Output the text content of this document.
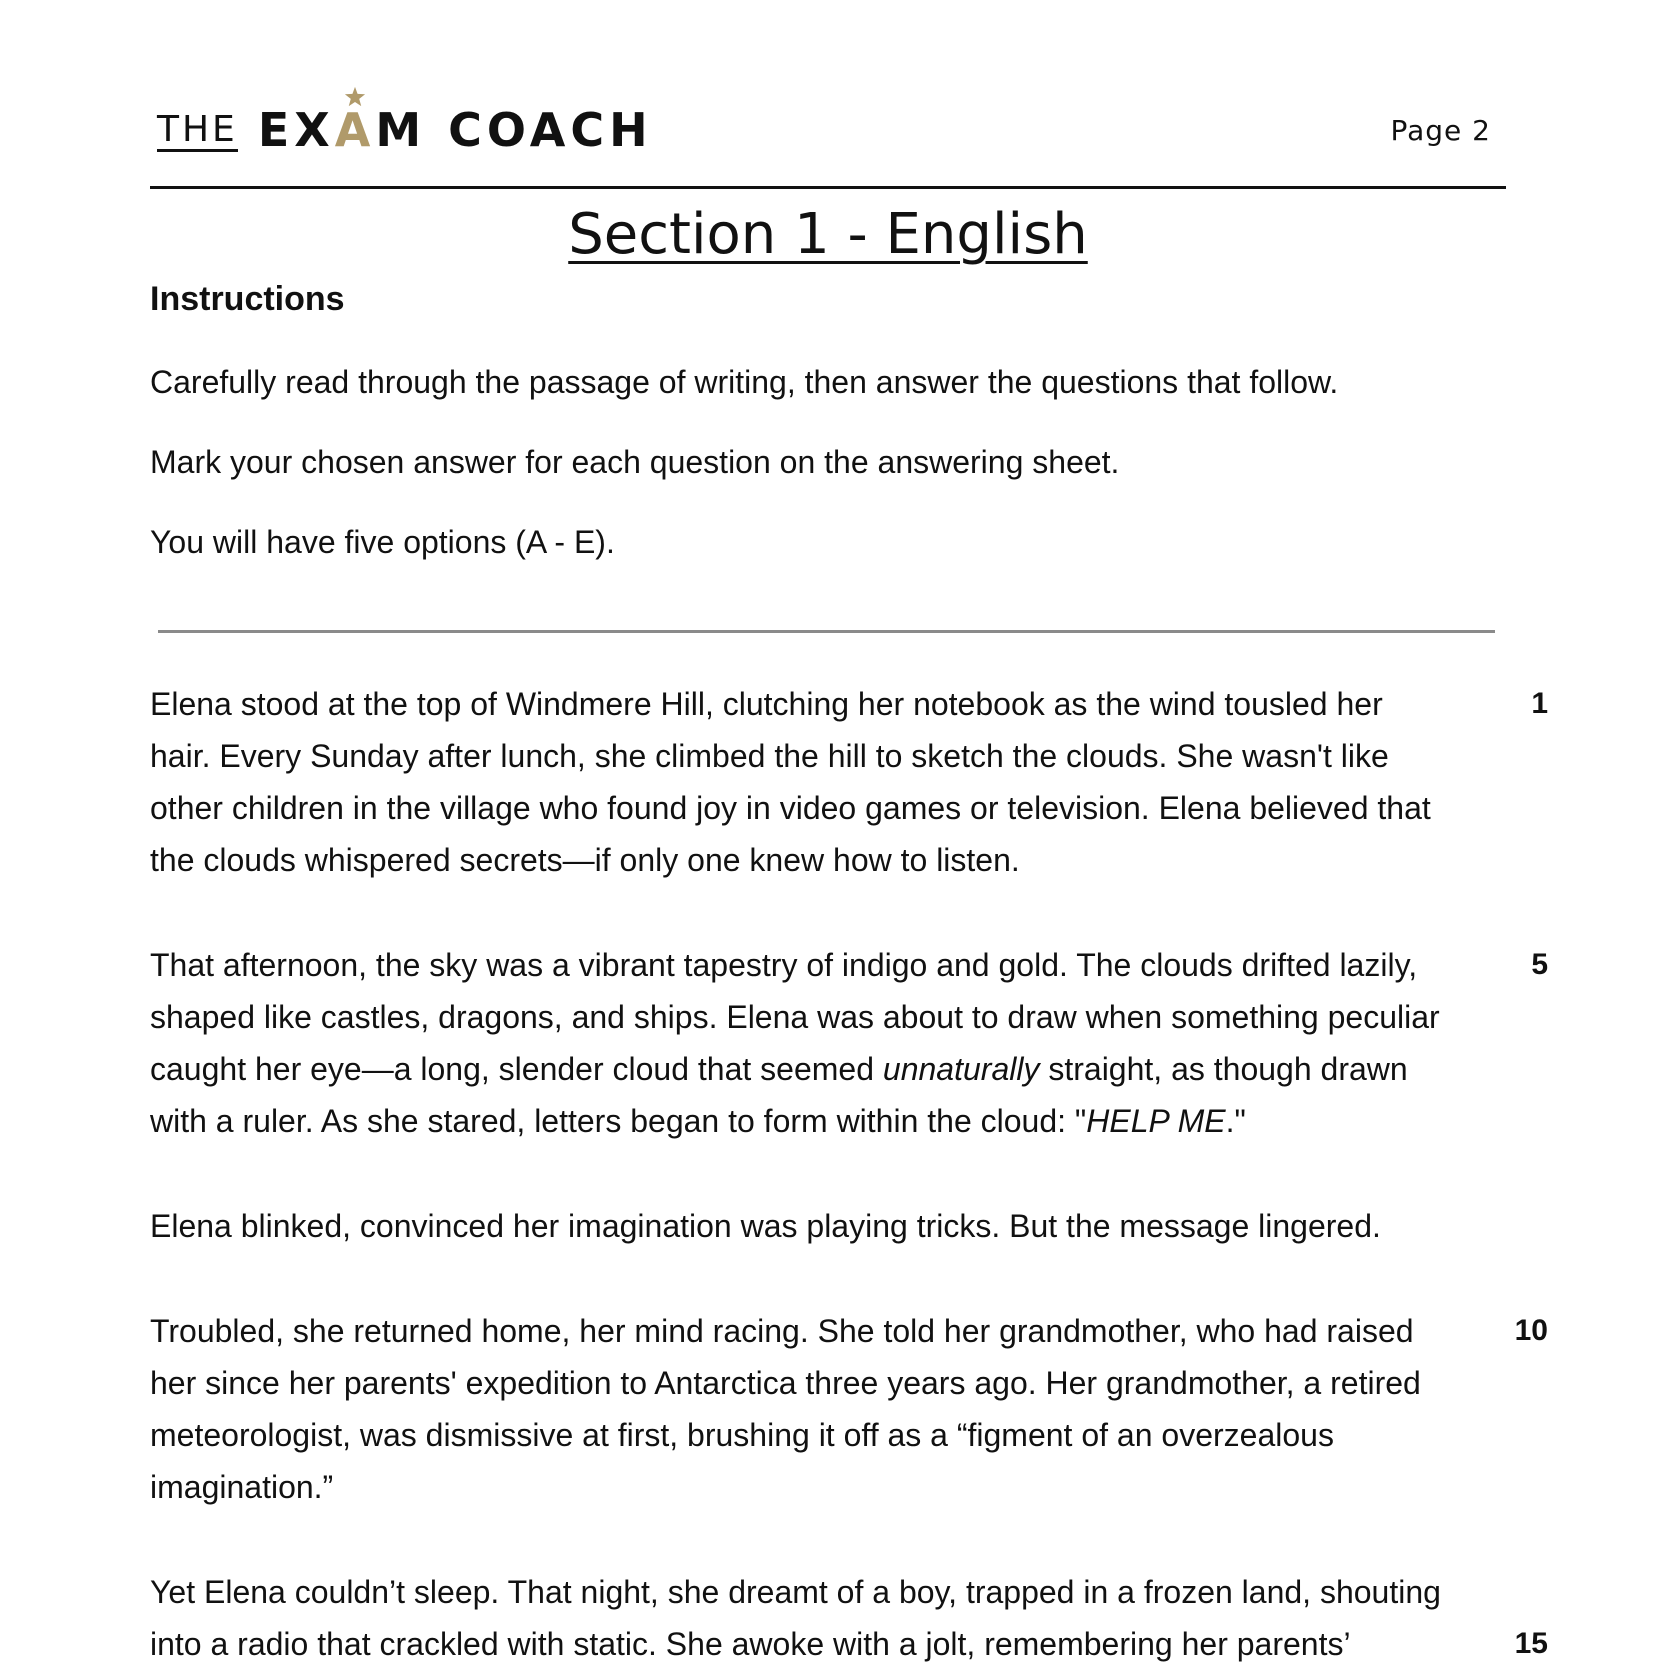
THE EX A M COACH	Page 2
Section 1 - English
Instructions
Carefully read through the passage of writing, then answer the questions that follow.
Mark your chosen answer for each question on the answering sheet.
You will have five options (A - E).

Elena stood at the top of Windmere Hill, clutching her notebook as the wind tousled her
hair. Every Sunday after lunch, she climbed the hill to sketch the clouds. She wasn't like
other children in the village who found joy in video games or television. Elena believed that
the clouds whispered secrets—if only one knew how to listen.

That afternoon, the sky was a vibrant tapestry of indigo and gold. The clouds drifted lazily,
shaped like castles, dragons, and ships. Elena was about to draw when something peculiar
caught her eye—a long, slender cloud that seemed unnaturally straight, as though drawn
with a ruler. As she stared, letters began to form within the cloud: "HELP ME."

Elena blinked, convinced her imagination was playing tricks. But the message lingered.

Troubled, she returned home, her mind racing. She told her grandmother, who had raised
her since her parents' expedition to Antarctica three years ago. Her grandmother, a retired
meteorologist, was dismissive at first, brushing it off as a “figment of an overzealous
imagination.”

Yet Elena couldn’t sleep. That night, she dreamt of a boy, trapped in a frozen land, shouting
into a radio that crackled with static. She awoke with a jolt, remembering her parents’

1
5
10
15
